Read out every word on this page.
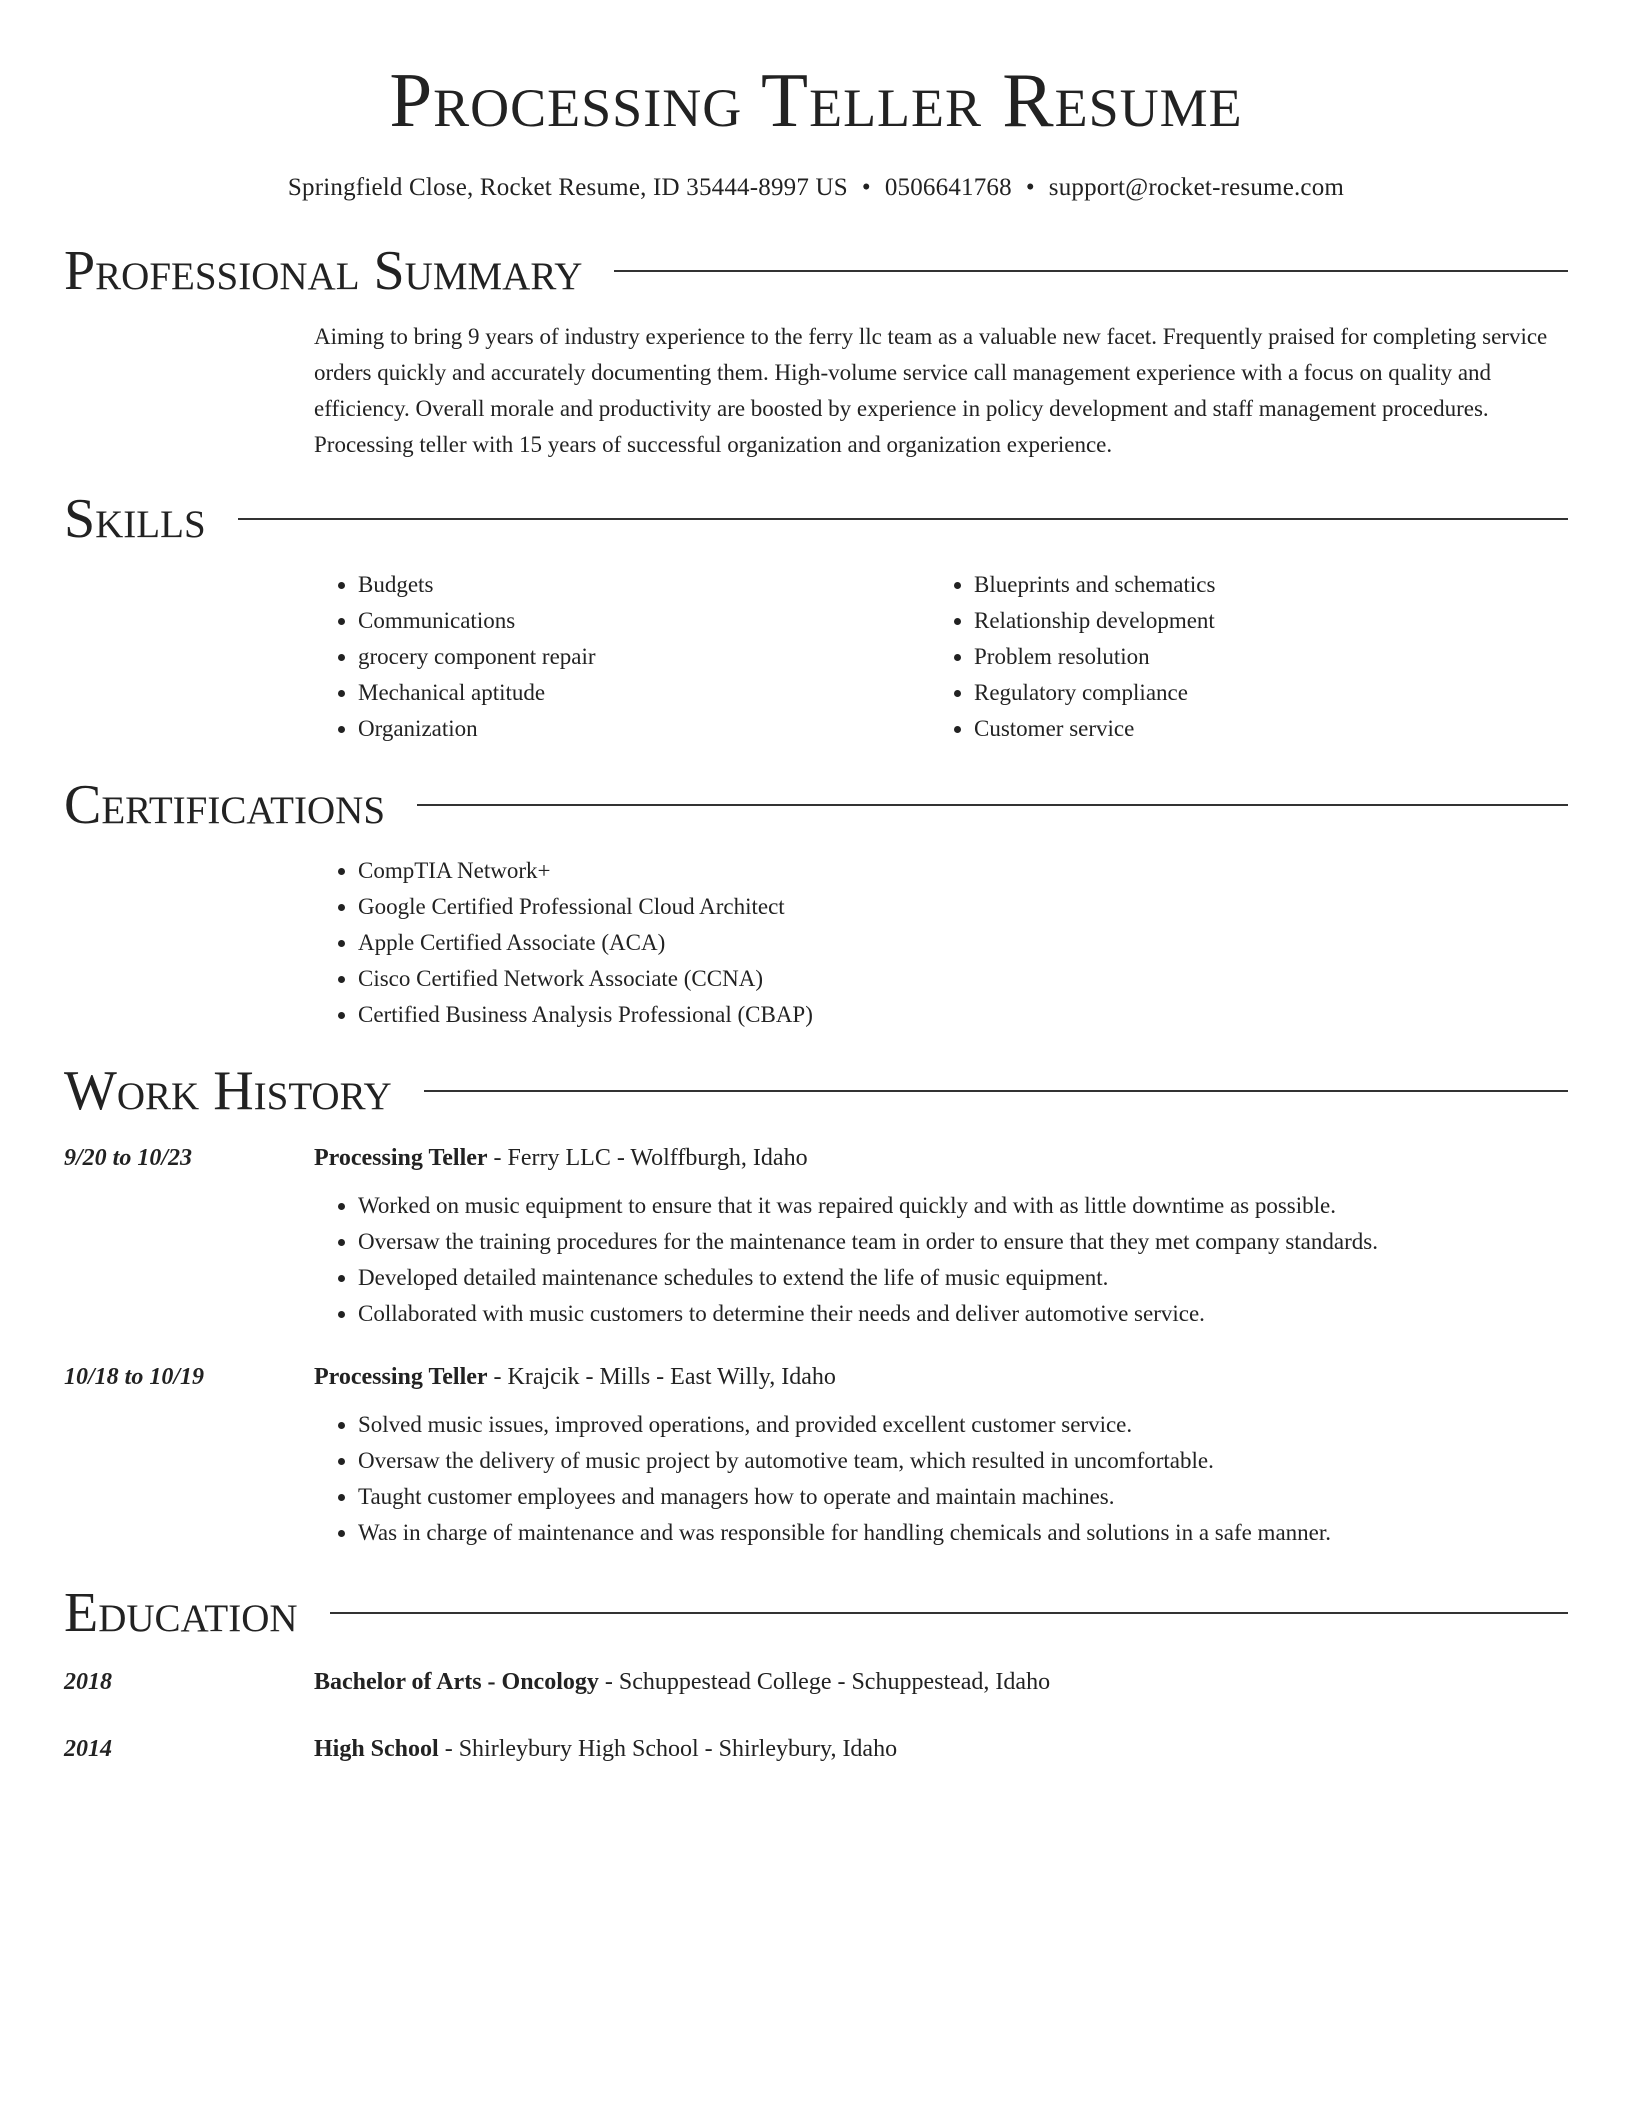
Processing Teller Resume
Springfield Close, Rocket Resume, ID 35444-8997 US • 0506641768 • support@rocket-resume.com
Professional Summary

Aiming to bring 9 years of industry experience to the ferry llc team as a valuable new facet. Frequently praised for completing service orders quickly and accurately documenting them. High-volume service call management experience with a focus on quality and efficiency. Overall morale and productivity are boosted by experience in policy development and staff management procedures. Processing teller with 15 years of successful organization and organization experience.

Skills
• Budgets
• Communications
• grocery component repair
• Mechanical aptitude
• Organization
• Blueprints and schematics
• Relationship development
• Problem resolution
• Regulatory compliance
• Customer service
Certifications
• CompTIA Network+
• Google Certified Professional Cloud Architect
• Apple Certified Associate (ACA)
• Cisco Certified Network Associate (CCNA)
• Certified Business Analysis Professional (CBAP)
Work History
9/20 to 10/23	Processing Teller - Ferry LLC - Wolffburgh, Idaho
• Worked on music equipment to ensure that it was repaired quickly and with as little downtime as possible.
• Oversaw the training procedures for the maintenance team in order to ensure that they met company standards.
• Developed detailed maintenance schedules to extend the life of music equipment.
• Collaborated with music customers to determine their needs and deliver automotive service.
10/18 to 10/19	Processing Teller - Krajcik - Mills - East Willy, Idaho
• Solved music issues, improved operations, and provided excellent customer service.
• Oversaw the delivery of music project by automotive team, which resulted in uncomfortable.
• Taught customer employees and managers how to operate and maintain machines.
• Was in charge of maintenance and was responsible for handling chemicals and solutions in a safe manner.
Education
2018	Bachelor of Arts - Oncology - Schuppestead College - Schuppestead, Idaho
2014	High School - Shirleybury High School - Shirleybury, Idaho
